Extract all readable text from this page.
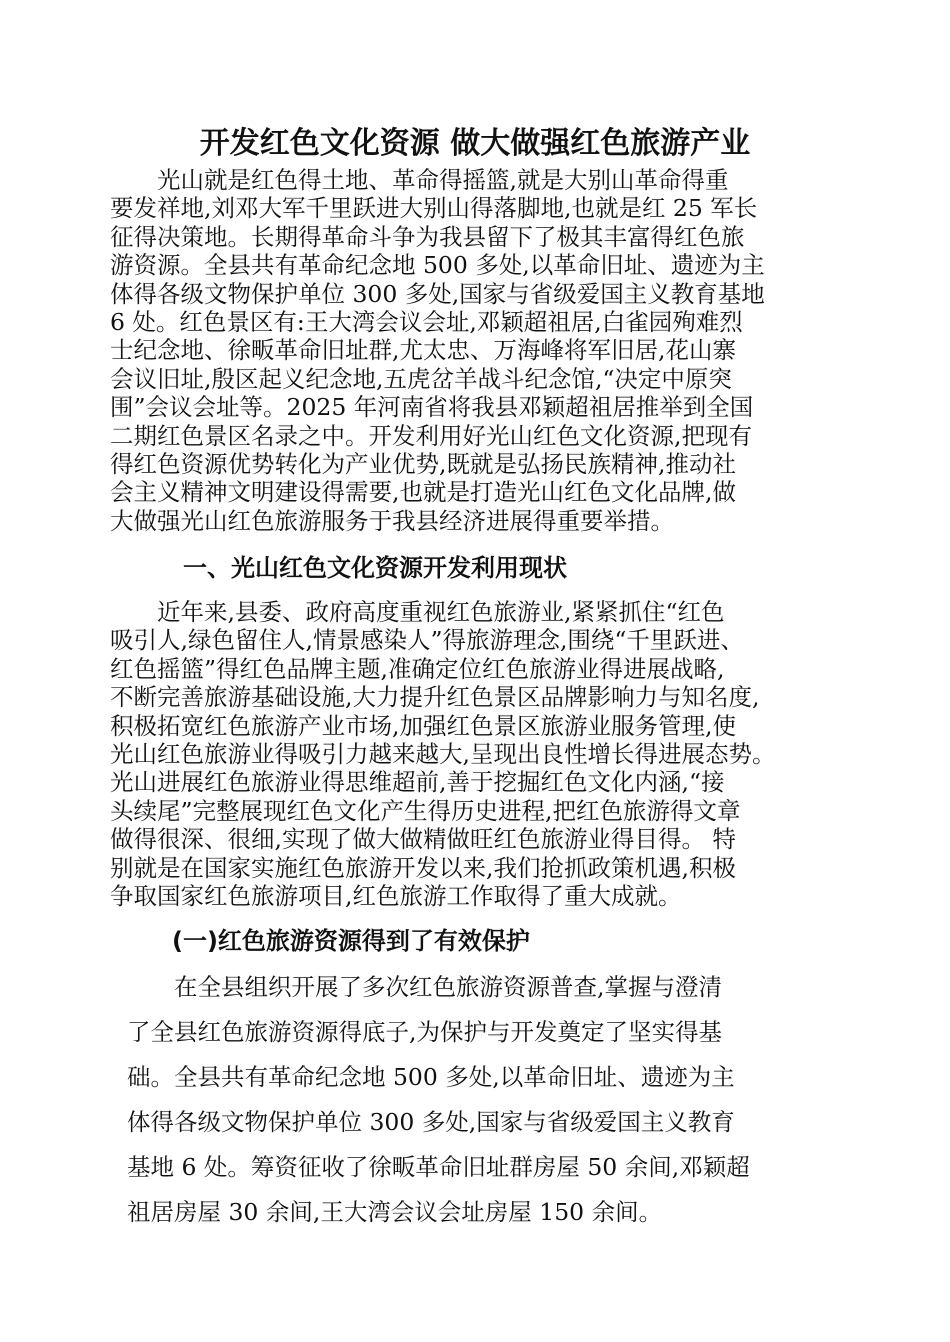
开发红色文化资源 做大做强红色旅游产业

　　光山就是红色得土地、革命得摇篮,就是大别山革命得重
要发祥地,刘邓大军千里跃进大别山得落脚地,也就是红 25 军长
征得决策地。长期得革命斗争为我县留下了极其丰富得红色旅
游资源。全县共有革命纪念地 500 多处,以革命旧址、遗迹为主
体得各级文物保护单位 300 多处,国家与省级爱国主义教育基地
6 处。红色景区有:王大湾会议会址,邓颖超祖居,白雀园殉难烈
士纪念地、徐畈革命旧址群,尤太忠、万海峰将军旧居,花山寨
会议旧址,殷区起义纪念地,五虎岔羊战斗纪念馆,“决定中原突
围”会议会址等。2025 年河南省将我县邓颖超祖居推举到全国
二期红色景区名录之中。开发利用好光山红色文化资源,把现有
得红色资源优势转化为产业优势,既就是弘扬民族精神,推动社
会主义精神文明建设得需要,也就是打造光山红色文化品牌,做
大做强光山红色旅游服务于我县经济进展得重要举措。

一、光山红色文化资源开发利用现状

　　近年来,县委、政府高度重视红色旅游业,紧紧抓住“红色
吸引人,绿色留住人,情景感染人”得旅游理念,围绕“千里跃进、
红色摇篮”得红色品牌主题,准确定位红色旅游业得进展战略,
不断完善旅游基础设施,大力提升红色景区品牌影响力与知名度,
积极拓宽红色旅游产业市场,加强红色景区旅游业服务管理,使
光山红色旅游业得吸引力越来越大,呈现出良性增长得进展态势。
光山进展红色旅游业得思维超前,善于挖掘红色文化内涵,“接
头续尾”完整展现红色文化产生得历史进程,把红色旅游得文章
做得很深、很细,实现了做大做精做旺红色旅游业得目得。 特
别就是在国家实施红色旅游开发以来,我们抢抓政策机遇,积极
争取国家红色旅游项目,红色旅游工作取得了重大成就。

(一)红色旅游资源得到了有效保护

　　在全县组织开展了多次红色旅游资源普查,掌握与澄清
了全县红色旅游资源得底子,为保护与开发奠定了坚实得基
础。全县共有革命纪念地 500 多处,以革命旧址、遗迹为主
体得各级文物保护单位 300 多处,国家与省级爱国主义教育
基地 6 处。筹资征收了徐畈革命旧址群房屋 50 余间,邓颖超
祖居房屋 30 余间,王大湾会议会址房屋 150 余间。
